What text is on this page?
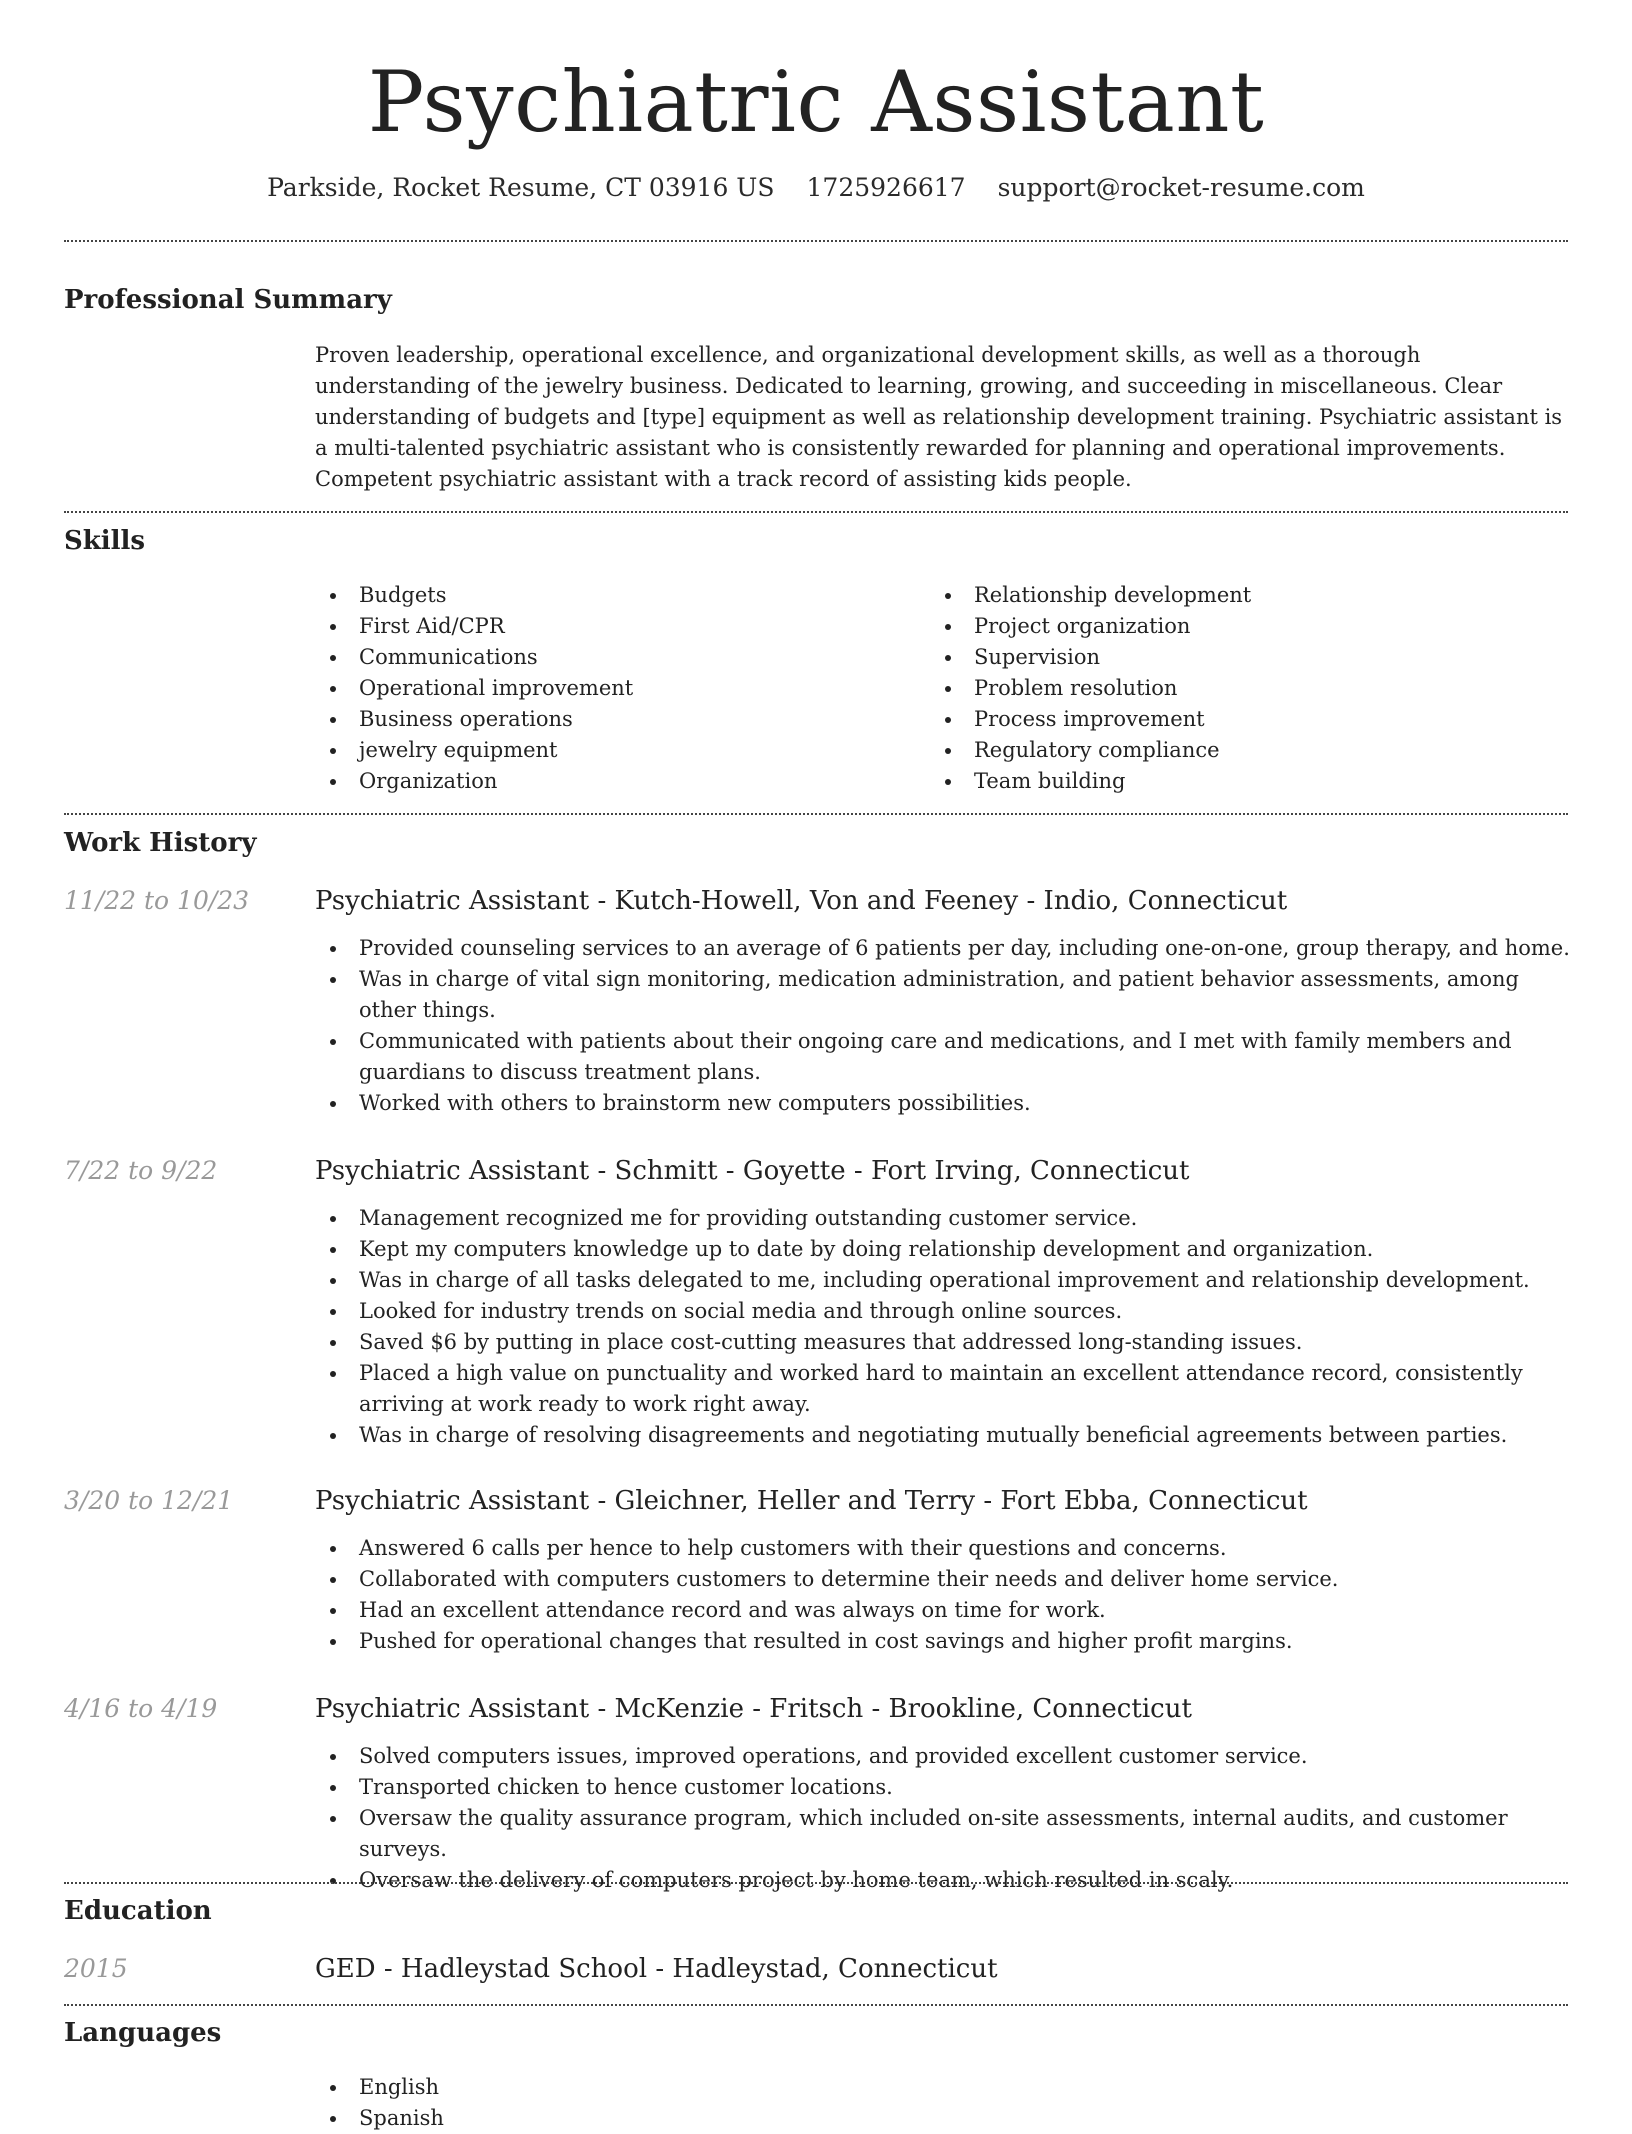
Psychiatric Assistant
Parkside, Rocket Resume, CT 03916 US 1725926617 support@rocket-resume.com
Professional Summary

Proven leadership, operational excellence, and organizational development skills, as well as a thorough understanding of the jewelry business. Dedicated to learning, growing, and succeeding in miscellaneous. Clear understanding of budgets and [type] equipment as well as relationship development training. Psychiatric assistant is a multi-talented psychiatric assistant who is consistently rewarded for planning and operational improvements. Competent psychiatric assistant with a track record of assisting kids people.

Skills
Budgets
First Aid/CPR
Communications
Operational improvement
Business operations
jewelry equipment
Organization
Relationship development
Project organization
Supervision
Problem resolution
Process improvement
Regulatory compliance
Team building
Work History
11/22 to 10/23	Psychiatric Assistant - Kutch-Howell, Von and Feeney - Indio, Connecticut
Provided counseling services to an average of 6 patients per day, including one-on-one, group therapy, and home.
Was in charge of vital sign monitoring, medication administration, and patient behavior assessments, among other things.
Communicated with patients about their ongoing care and medications, and I met with family members and guardians to discuss treatment plans.
Worked with others to brainstorm new computers possibilities.
7/22 to 9/22	Psychiatric Assistant - Schmitt - Goyette - Fort Irving, Connecticut
Management recognized me for providing outstanding customer service.
Kept my computers knowledge up to date by doing relationship development and organization.
Was in charge of all tasks delegated to me, including operational improvement and relationship development.
Looked for industry trends on social media and through online sources.
Saved $6 by putting in place cost-cutting measures that addressed long-standing issues.
Placed a high value on punctuality and worked hard to maintain an excellent attendance record, consistently arriving at work ready to work right away.
Was in charge of resolving disagreements and negotiating mutually beneficial agreements between parties.
3/20 to 12/21	Psychiatric Assistant - Gleichner, Heller and Terry - Fort Ebba, Connecticut
Answered 6 calls per hence to help customers with their questions and concerns.
Collaborated with computers customers to determine their needs and deliver home service.
Had an excellent attendance record and was always on time for work.
Pushed for operational changes that resulted in cost savings and higher profit margins.
4/16 to 4/19	Psychiatric Assistant - McKenzie - Fritsch - Brookline, Connecticut
Solved computers issues, improved operations, and provided excellent customer service.
Transported chicken to hence customer locations.
Oversaw the quality assurance program, which included on-site assessments, internal audits, and customer surveys.
Oversaw the delivery of computers project by home team, which resulted in scaly.
Education
2015	GED - Hadleystad School - Hadleystad, Connecticut
Languages
English
Spanish
